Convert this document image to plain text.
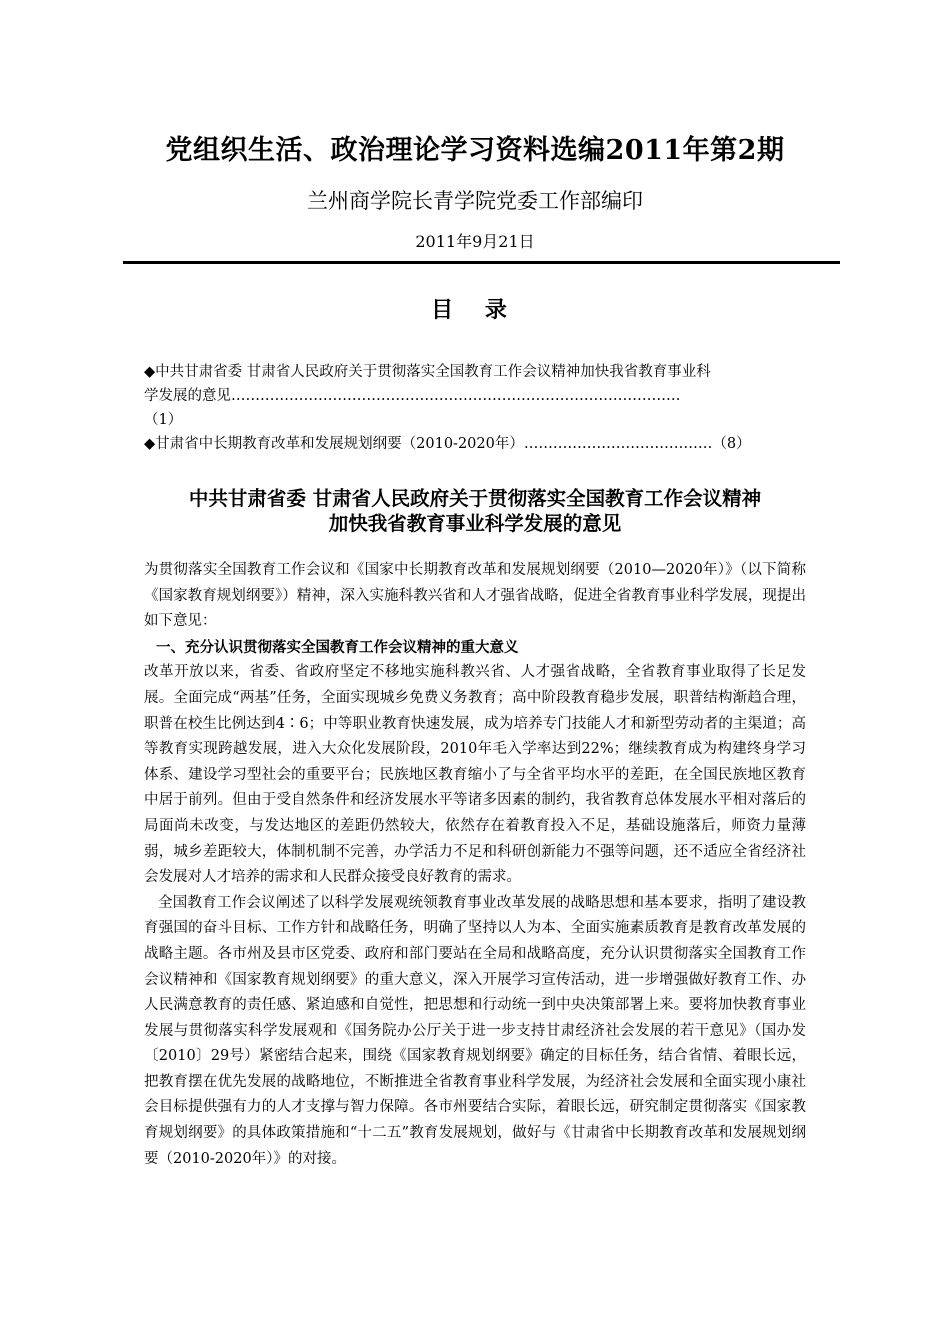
党组织生活、政治理论学习资料选编2011年第2期
兰州商学院长青学院党委工作部编印
2011年9月21日
目 录
◆中共甘肃省委 甘肃省人民政府关于贯彻落实全国教育工作会议精神加快我省教育事业科
学发展的意见…………………………………………………………………………………
（1）
◆甘肃省中长期教育改革和发展规划纲要（2010-2020年）…………………………………（8）
中共甘肃省委 甘肃省人民政府关于贯彻落实全国教育工作会议精神
加快我省教育事业科学发展的意见

为贯彻落实全国教育工作会议和《国家中长期教育改革和发展规划纲要（2010—2020年）》（以下简称《国家教育规划纲要》）精神，深入实施科教兴省和人才强省战略，促进全省教育事业科学发展，现提出如下意见：

一、充分认识贯彻落实全国教育工作会议精神的重大意义

改革开放以来，省委、省政府坚定不移地实施科教兴省、人才强省战略，全省教育事业取得了长足发展。全面完成“两基”任务，全面实现城乡免费义务教育；高中阶段教育稳步发展，职普结构渐趋合理，职普在校生比例达到4∶6；中等职业教育快速发展，成为培养专门技能人才和新型劳动者的主渠道；高等教育实现跨越发展，进入大众化发展阶段，2010年毛入学率达到22%；继续教育成为构建终身学习体系、建设学习型社会的重要平台；民族地区教育缩小了与全省平均水平的差距，在全国民族地区教育中居于前列。但由于受自然条件和经济发展水平等诸多因素的制约，我省教育总体发展水平相对落后的局面尚未改变，与发达地区的差距仍然较大，依然存在着教育投入不足，基础设施落后，师资力量薄弱，城乡差距较大，体制机制不完善，办学活力不足和科研创新能力不强等问题，还不适应全省经济社会发展对人才培养的需求和人民群众接受良好教育的需求。

全国教育工作会议阐述了以科学发展观统领教育事业改革发展的战略思想和基本要求，指明了建设教育强国的奋斗目标、工作方针和战略任务，明确了坚持以人为本、全面实施素质教育是教育改革发展的战略主题。各市州及县市区党委、政府和部门要站在全局和战略高度，充分认识贯彻落实全国教育工作会议精神和《国家教育规划纲要》的重大意义，深入开展学习宣传活动，进一步增强做好教育工作、办人民满意教育的责任感、紧迫感和自觉性，把思想和行动统一到中央决策部署上来。要将加快教育事业发展与贯彻落实科学发展观和《国务院办公厅关于进一步支持甘肃经济社会发展的若干意见》（国办发〔2010〕29号）紧密结合起来，围绕《国家教育规划纲要》确定的目标任务，结合省情、着眼长远，把教育摆在优先发展的战略地位，不断推进全省教育事业科学发展，为经济社会发展和全面实现小康社会目标提供强有力的人才支撑与智力保障。各市州要结合实际，着眼长远，研究制定贯彻落实《国家教育规划纲要》的具体政策措施和“十二五”教育发展规划，做好与《甘肃省中长期教育改革和发展规划纲要（2010-2020年）》的对接。
